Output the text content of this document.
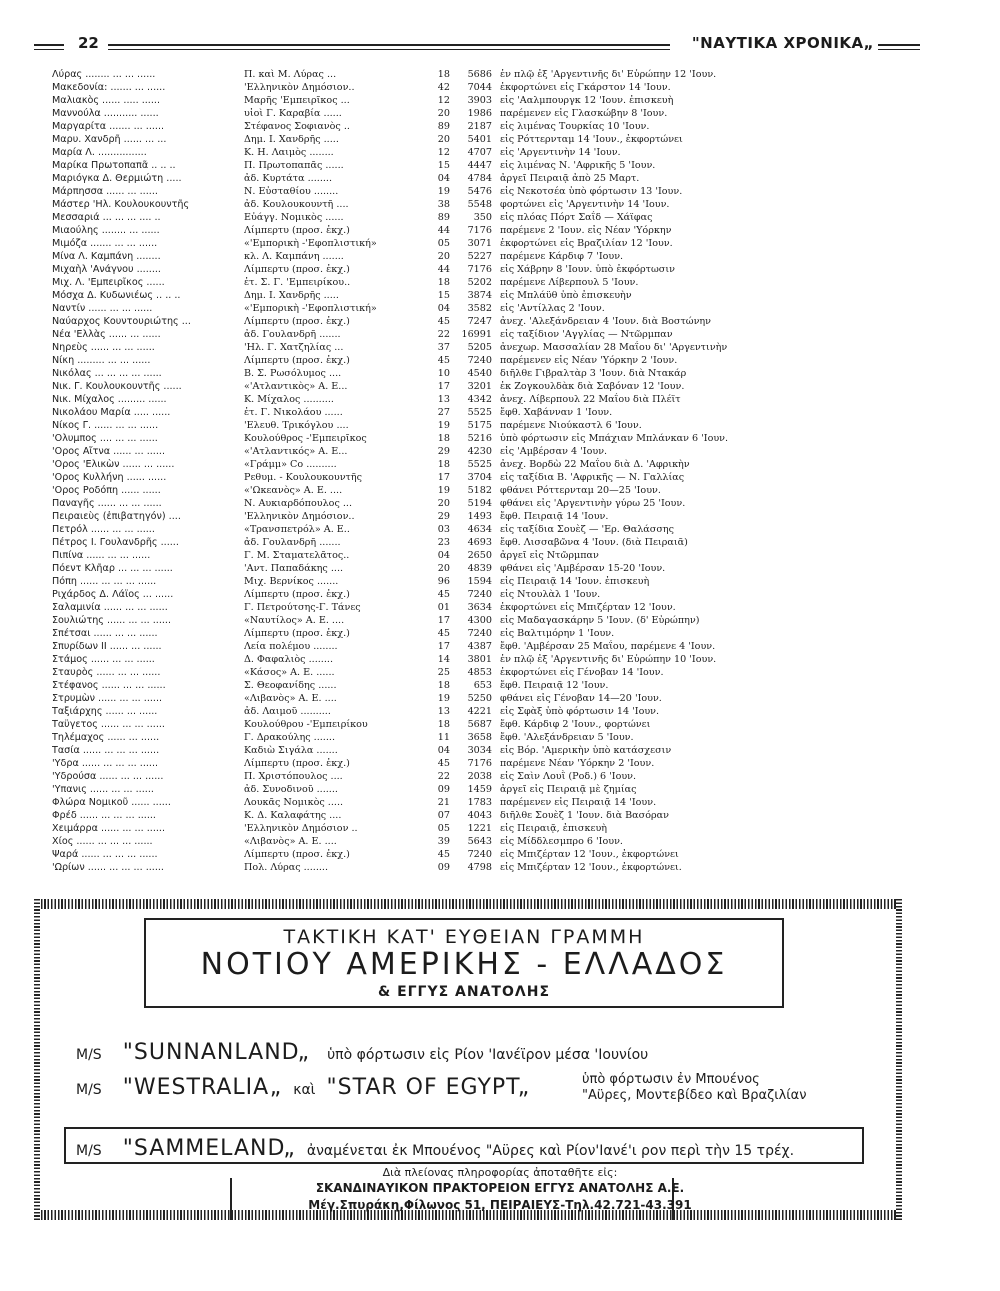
22	"ΝΑΥΤΙΚΑ ΧΡΟΝΙΚΑ„
Λύρας ........ ... ... ......	Π. καὶ Μ. Λύρας ...	18	5686 ἐν πλῷ ἐξ 'Αργεντινῆς δι' Εὐρώπην 12 'Ιουν.
Μακεδονία: ....... ... ......	'Ελληνικὸν Δημόσιον..	42	7044 ἐκφορτώνει εἰς Γκάρστον 14 'Ιουν.
Μαλιακὸς ...... ..... ......	Μαρῆς 'Εμπειρῖκος ...	12	3903 εἰς 'Ααλμπουργκ 12 'Ιουν. ἐπισκευὴ
Μαννούλα ........... ......	υἱοὶ Γ. Καραβία ......	20	1986 παρέμενεν εἰς Γλασκώβην 8 'Ιουν.
Μαργαρίτα ....... ... ......	Στέφανος Σοφιανὸς ..	89	2187 εἰς λιμένας Τουρκίας 10 'Ιουν.
Μαρυ. Χανδρῆ ...... ... ...	Δημ. Ι. Χανδρῆς .....	20	5401 εἰς Ρόττερνταμ 14 'Ιουν., ἐκφορτώνει
Μαρία Λ. ................	Κ. Η. Λαιμὸς ........	12	4707 εἰς 'Αργεντινὴν 14 'Ιουν.
Μαρίκα Πρωτοπαπᾶ .. .. ..	Π. Πρωτοπαπᾶς ......	15	4447 εἰς λιμένας Ν. 'Αφρικῆς 5 'Ιουν.
Μαριόγκα Δ. Θερμιώτη .....	ἀδ. Κυρτάτα ........	04	4784 ἀργεῖ Πειραιᾷ ἀπὸ 25 Μαρτ.
Μάρπησσα ...... ... ......	Ν. Εὐσταθίου ........	19	5476 εἰς Νεκοτσέα ὑπὸ φόρτωσιν 13 'Ιουν.
Μάστερ 'Ηλ. Κουλουκουντῆς	ἀδ. Κουλουκουντῆ ....	38	5548 φορτώνει εἰς 'Αργεντινὴν 14 'Ιουν.
Μεσσαριά ... ... ... .... ..	Εὐάγγ. Νομικὸς ......	89	350 εἰς πλόας Πόρτ Σαΐδ — Χάϊφας
Μιαούλης ........ ... ......	Λίμπερτυ (προσ. ἐκχ.)	44	7176 παρέμενε 2 'Ιουν. εἰς Νέαν 'Υόρκην
Μιμόζα ....... ... ... ......	«'Εμπορικὴ -'Εφοπλιστική»	05	3071 ἐκφορτώνει εἰς Βραζιλίαν 12 'Ιουν.
Μίνα Λ. Καμπάνη ........	κλ. Λ. Καμπάνη .......	20	5227 παρέμενε Κάρδιφ 7 'Ιουν.
Μιχαὴλ 'Ανάγνου ........	Λίμπερτυ (προσ. ἐκχ.)	44	7176 εἰς Χάβρην 8 'Ιουν. ὑπὸ ἐκφόρτωσιν
Μιχ. Λ. 'Εμπειρῖκος ......	ἐτ. Σ. Γ. 'Εμπειρίκου..	18	5202 παρέμενε Λίβερπουλ 5 'Ιουν.
Μόσχα Δ. Κυδωνιέως .. .. ..	Δημ. Ι. Χανδρῆς .....	15	3874 εἰς Μπλάϋθ ὑπὸ ἐπισκευὴν
Ναντίν ...... ... ... ......	«'Εμπορικὴ -'Εφοπλιστική»	04	3582 εἰς 'Αντίλλας 2 'Ιουν.
Ναύαρχος Κουντουριώτης ...	Λίμπερτυ (προσ. ἐκχ.)	45	7247 ἀνεχ. 'Αλεξάνδρειαν 4 'Ιουν. διὰ Βοστώνην
Νέα 'Ελλὰς ...... ... ......	ἀδ. Γουλανδρῆ .......	22	16991 εἰς ταξίδιον 'Αγγλίας — Ντῶρμπαν
Νηρεὺς ...... ... ... ......	'Ηλ. Γ. Χατζηλίας ...	37	5205 ἀνεχωρ. Μασσαλίαν 28 Μαΐου δι' 'Αργεντινὴν
Νίκη ......... ... ... ......	Λίμπερτυ (προσ. ἐκχ.)	45	7240 παρέμενεν εἰς Νέαν 'Υόρκην 2 'Ιουν.
Νικόλας ... ... ... ... ......	Β. Σ. Ρωσόλυμος ....	10	4540 διῆλθε Γιβραλτὰρ 3 'Ιουν. διὰ Ντακάρ
Νικ. Γ. Κουλουκουντῆς ......	«'Ατλαντικὸς» Α. Ε...	17	3201 ἐκ Ζογκουλδὰκ διὰ Σαβόναν 12 'Ιουν.
Νικ. Μίχαλος ......... ......	Κ. Μίχαλος ..........	13	4342 ἀνεχ. Λίβερπουλ 22 Μαΐου διὰ Πλέϊτ
Νικολάου Μαρία ..... ......	ἐτ. Γ. Νικολάου ......	27	5525 ἔφθ. Χαβάνναν 1 'Ιουν.
Νίκος Γ. ...... ... ... ......	'Ελευθ. Τρικόγλου ....	19	5175 παρέμενε Νιούκαστλ 6 'Ιουν.
'Ολυμπος .... ... ... ......	Κουλούθρος -'Εμπειρῖκος	18	5216 ὑπὸ φόρτωσιν εἰς Μπάχιαν Μπλάνκαν 6 'Ιουν.
'Ορος Αἴτνα ...... ... ......	«'Ατλαντικός» Α. Ε...	29	4230 εἰς 'Αμβέρσαν 4 'Ιουν.
'Ορος 'Ελικὼν ...... ... ......	«Γράμμ» Co ..........	18	5525 ἀνεχ. Βορδὼ 22 Μαΐου διὰ Δ. 'Αφρικὴν
'Ορος Κυλλήνη ...... ......	Ρεθυμ. - Κουλουκουντῆς	17	3704 εἰς ταξίδια Β. 'Αφρικῆς — Ν. Γαλλίας
'Ορος Ροδόπη ...... ......	«'Ωκεανὸς» Α. Ε. ....	19	5182 φθάνει Ρόττερνταμ 20—25 'Ιουν.
Παναγῆς ...... ... ... ......	Ν. Αυκιαρδόπουλος ...	20	5194 φθάνει εἰς 'Αργεντινὴν γύρω 25 'Ιουν.
Πειραιεὺς (ἐπιβατηγόν) ....	'Ελληνικὸν Δημόσιον..	29	1493 ἔφθ. Πειραιᾷ 14 'Ιουν.
Πετρόλ ...... ... ... ......	«Τρανσπετρόλ» Α. Ε..	03	4634 εἰς ταξίδια Σουὲζ — 'Ερ. Θαλάσσης
Πέτρος Ι. Γουλανδρῆς ......	ἀδ. Γουλανδρῆ .......	23	4693 ἔφθ. Λισσαβῶνα 4 'Ιουν. (διὰ Πειραιᾶ)
Πιπίνα ...... ... ... ......	Γ. Μ. Σταματελᾶτος..	04	2650 ἀργεῖ εἰς Ντῶρμπαν
Πόεντ Κλῆαρ ... ... ... ......	'Αντ. Παπαδάκης ....	20	4839 φθάνει εἰς 'Αμβέρσαν 15-20 'Ιουν.
Πόπη ...... ... ... ... ......	Μιχ. Βερνίκος .......	96	1594 εἰς Πειραιᾷ 14 'Ιουν. ἐπισκευὴ
Ριχάρδος Δ. Λάϊος ... ......	Λίμπερτυ (προσ. ἐκχ.)	45	7240 εἰς Ντουλὰλ 1 'Ιουν.
Σαλαμινία ...... ... ... ......	Γ. Πετρούτσης-Γ. Τάνες	01	3634 ἐκφορτώνει εἰς Μπιζέρταν 12 'Ιουν.
Σουλιώτης ...... ... ... ......	«Ναυτίλος» Α. Ε. ....	17	4300 εἰς Μαδαγασκάρην 5 'Ιουν. (δ' Εὐρώπην)
Σπέτσαι ...... ... ... ......	Λίμπερτυ (προσ. ἐκχ.)	45	7240 εἰς Βαλτιμόρην 1 'Ιουν.
Σπυρίδων ΙΙ ...... ... ......	Λεία πολέμου ........	17	4387 ἔφθ. 'Αμβέρσαν 25 Μαΐου, παρέμενε 4 'Ιουν.
Στάμος ...... ... ... ......	Δ. Φαφαλιὸς ........	14	3801 ἐν πλῷ ἐξ 'Αργεντινῆς δι' Εὐρώπην 10 'Ιουν.
Σταυρὸς ...... ... ... ......	«Κάσος» Α. Ε. ......	25	4853 ἐκφορτώνει εἰς Γένοβαν 14 'Ιουν.
Στέφανος ...... ... ... ......	Σ. Θεοφανίδης ......	18	653 ἔφθ. Πειραιᾷ 12 'Ιουν.
Στρυμὼν ...... ... ... ......	«Λιβανὸς» Α. Ε. ....	19	5250 φθάνει εἰς Γένοβαν 14—20 'Ιουν.
Ταξιάρχης ...... ... ......	ἀδ. Λαιμοῦ ..........	13	4221 εἰς Σφὰξ ὑπὸ φόρτωσιν 14 'Ιουν.
Ταϋγετος ...... ... ... ......	Κουλούθρου -'Εμπειρίκου	18	5687 ἔφθ. Κάρδιφ 2 'Ιουν., φορτώνει
Τηλέμαχος ...... ... ......	Γ. Δρακούλης .......	11	3658 ἔφθ. 'Αλεξάνδρειαν 5 'Ιουν.
Τασία ...... ... ... ... ......	Καδιὼ Σιγάλα .......	04	3034 εἰς Βόρ. 'Αμερικὴν ὑπὸ κατάσχεσιν
'Υδρα ...... ... ... ... ......	Λίμπερτυ (προσ. ἐκχ.)	45	7176 παρέμενε Νέαν 'Υόρκην 2 'Ιουν.
'Υδρούσα ...... ... ... ......	Π. Χριστόπουλος ....	22	2038 εἰς Σαὶν Λουῒ (Ροδ.) 6 'Ιουν.
'Υπανις ...... ... ... ......	ἀδ. Συνοδινοῦ .......	09	1459 ἀργεῖ εἰς Πειραιᾷ μὲ ζημίας
Φλώρα Νομικοῦ ...... ......	Λουκᾶς Νομικὸς .....	21	1783 παρέμενεν εἰς Πειραιᾷ 14 'Ιουν.
Φρέδ ...... ... ... ... ......	Κ. Δ. Καλαφάτης ....	07	4043 διῆλθε Σουὲζ 1 'Ιουν. διὰ Βασόραν
Χειμάρρα ...... ... ... ......	'Ελληνικὸν Δημόσιον ..	05	1221 εἰς Πειραιᾷ, ἐπισκευὴ
Χίος ...... ... ... ... ......	«Λιβανὸς» Α. Ε. ....	39	5643 εἰς Μίδδλεσμπρο 6 'Ιουν.
Ψαρά ...... ... ... ... ......	Λίμπερτυ (προσ. ἐκχ.)	45	7240 εἰς Μπιζέρταν 12 'Ιουν., ἐκφορτώνει
'Ωρίων ...... ... ... ... ......	Πολ. Λύρας ........	09	4798 εἰς Μπιζέρταν 12 'Ιουν., ἐκφορτώνει.
ΤΑΚΤΙΚΗ ΚΑΤ' ΕΥΘΕΙΑΝ ΓΡΑΜΜΗ
ΝΟΤΙΟΥ ΑΜΕΡΙΚΗΣ - ΕΛΛΑΔΟΣ
& ΕΓΓΥΣ ΑΝΑΤΟΛΗΣ
M/S "SUNNANLAND„ ὑπὸ φόρτωσιν εἰς Ρίον 'Ιανέϊρον μέσα 'Ιουνίου
M/S "WESTRALIA„ καὶ "STAR OF EGYPT„	ὑπὸ φόρτωσιν ἐν Μπουένος
"Αϋρες, Μοντεβίδεο καὶ Βραζιλίαν
M/S "SAMMELAND„ ἀναμένεται ἐκ Μπουένος "Αϋρες καὶ Ρίον'Ιανέ'ι ρον περὶ τὴν 15 τρέχ.
Διὰ πλείονας πληροφορίας ἀποταθῆτε εἰς:
ΣΚΑΝΔΙΝΑΥΙΚΟΝ ΠΡΑΚΤΟΡΕΙΟΝ ΕΓΓΥΣ ΑΝΑΤΟΛΗΣ Α.Ε.
Μέγ.Σπυράκη,Φίλωνος 51, ΠΕΙΡΑΙΕΥΣ-Τηλ.42.721-43.391
